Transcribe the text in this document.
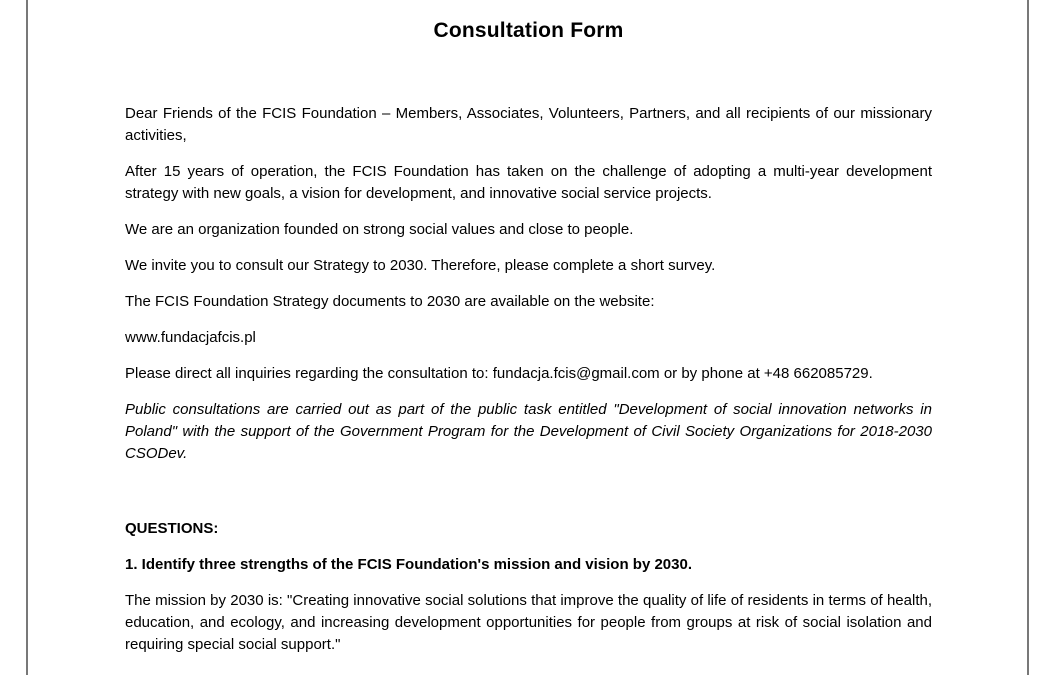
Consultation Form

Dear Friends of the FCIS Foundation – Members, Associates, Volunteers, Partners, and all recipients of our missionary activities,

After 15 years of operation, the FCIS Foundation has taken on the challenge of adopting a multi-year development strategy with new goals, a vision for development, and innovative social service projects.

We are an organization founded on strong social values and close to people.

We invite you to consult our Strategy to 2030. Therefore, please complete a short survey.

The FCIS Foundation Strategy documents to 2030 are available on the website:

www.fundacjafcis.pl

Please direct all inquiries regarding the consultation to: fundacja.fcis@gmail.com or by phone at +48 662085729.

Public consultations are carried out as part of the public task entitled "Development of social innovation networks in Poland" with the support of the Government Program for the Development of Civil Society Organizations for 2018-2030 CSODev.

QUESTIONS:

1. Identify three strengths of the FCIS Foundation's mission and vision by 2030.

The mission by 2030 is: "Creating innovative social solutions that improve the quality of life of residents in terms of health, education, and ecology, and increasing development opportunities for people from groups at risk of social isolation and requiring special social support."
